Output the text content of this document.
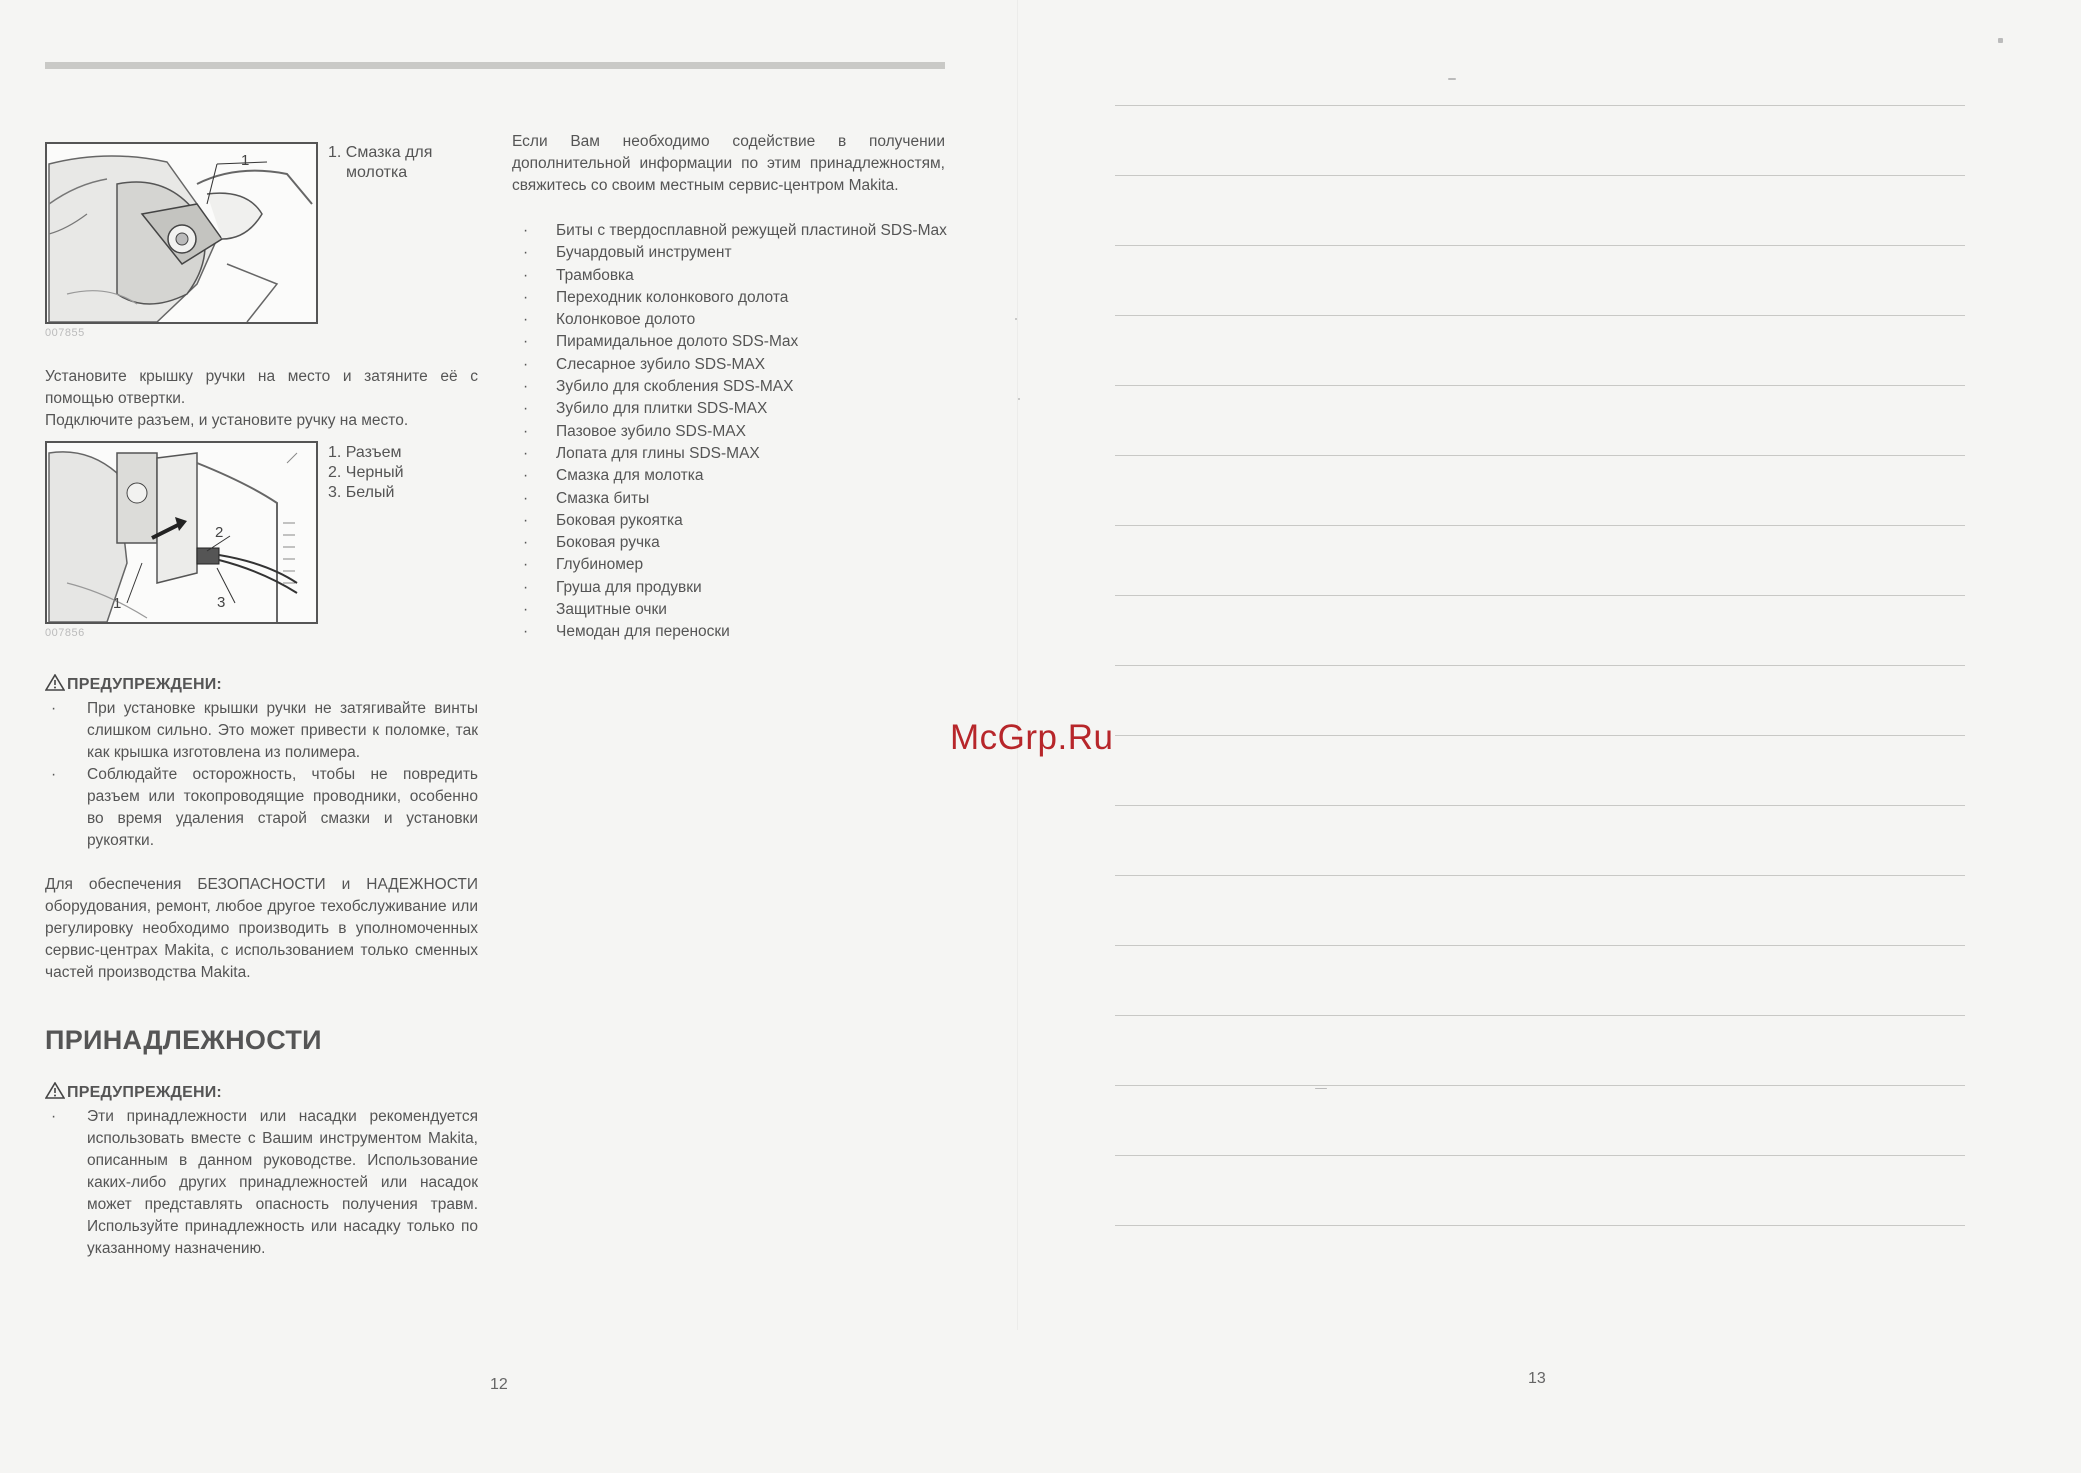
1	1. Смазка для
молотка
007855
Установите крышку ручки на место и затяните её с помощью отвертки.
Подключите разъем, и установите ручку на место.
1
2
3
1. Разъем
2. Черный
3. Белый
007856
ПРЕДУПРЕЖДЕНИ:
·	При установке крышки ручки не затягивайте винты слишком сильно. Это может привести к поломке, так как крышка изготовлена из полимера.
·	Соблюдайте осторожность, чтобы не повредить разъем или токопроводящие проводники, особенно во время удаления старой смазки и установки рукоятки.
Для обеспечения БЕЗОПАСНОСТИ и НАДЕЖНОСТИ оборудования, ремонт, любое другое техобслуживание или регулировку необходимо производить в уполномоченных сервис-центрах Makita, с использованием только сменных частей производства Makita.
ПРИНАДЛЕЖНОСТИ
ПРЕДУПРЕЖДЕНИ:
·	Эти принадлежности или насадки рекомендуется использовать вместе с Вашим инструментом Makita, описанным в данном руководстве. Использование каких-либо других принадлежностей или насадок может представлять опасность получения травм. Используйте принадлежность или насадку только по указанному назначению.
Если Вам необходимо содействие в получении дополнительной информации по этим принадлежностям, свяжитесь со своим местным сервис-центром Makita.
· Биты с твердосплавной режущей пластиной SDS-Max
· Бучардовый инструмент
· Трамбовка
· Переходник колонкового долота
· Колонковое долото
· Пирамидальное долото SDS-Max
· Слесарное зубило SDS-MAX
· Зубило для скобления SDS-MAX
· Зубило для плитки SDS-MAX
· Пазовое зубило SDS-MAX
· Лопата для глины SDS-MAX
· Смазка для молотка
· Смазка биты
· Боковая рукоятка
· Боковая ручка
· Глубиномер
· Груша для продувки
· Защитные очки
· Чемодан для переноски
12	13
McGrp.Ru
